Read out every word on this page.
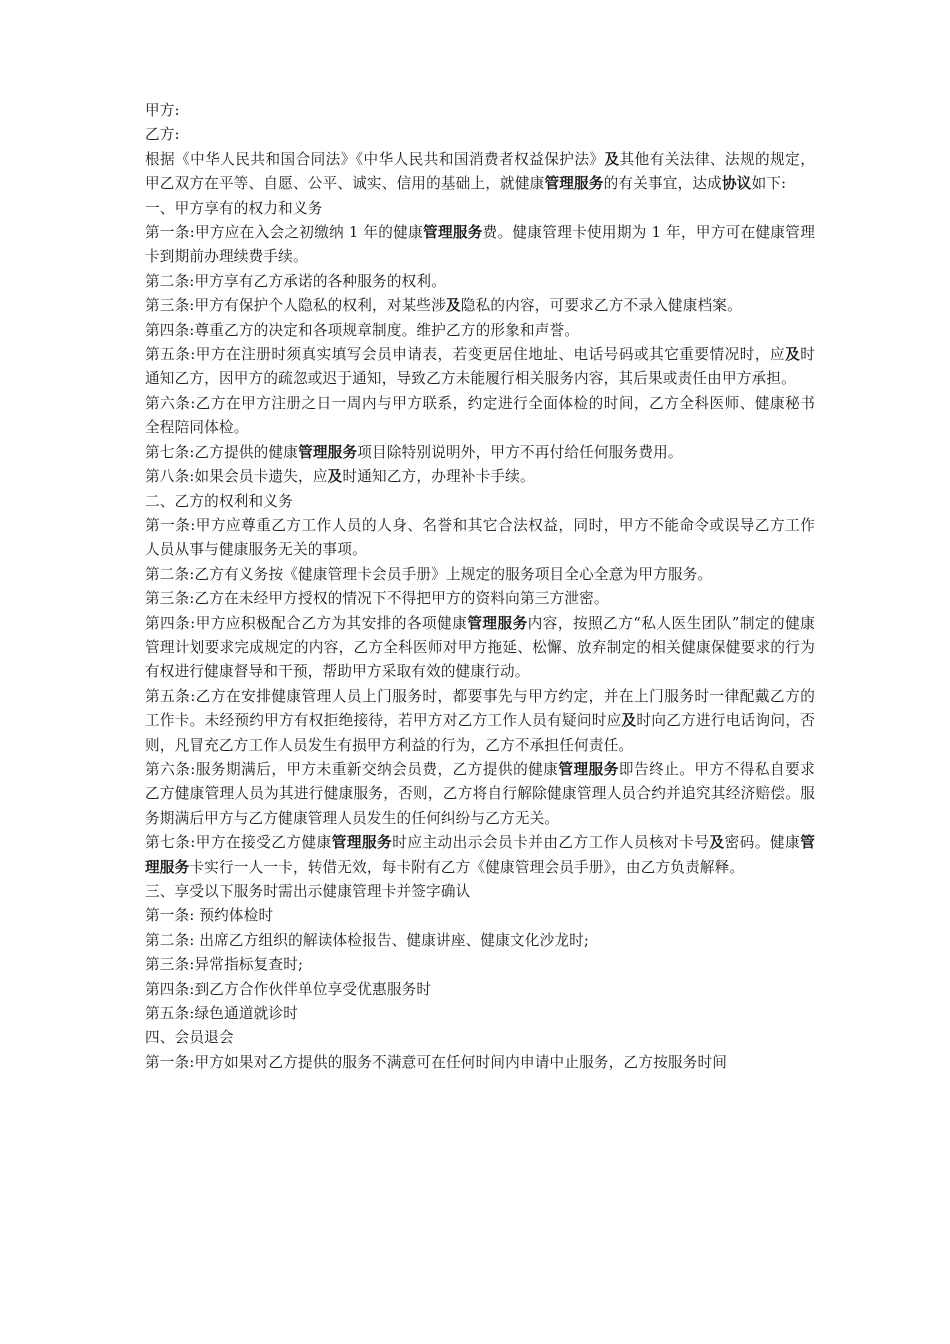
甲方:

乙方:

根据《中华人民共和国合同法》《中华人民共和国消费者权益保护法》及其他有关法律、法规的规定，甲乙双方在平等、自愿、公平、诚实、信用的基础上，就健康管理服务的有关事宜，达成协议如下:

一、甲方享有的权力和义务

第一条:甲方应在入会之初缴纳 1 年的健康管理服务费。健康管理卡使用期为 1 年，甲方可在健康管理卡到期前办理续费手续。

第二条:甲方享有乙方承诺的各种服务的权利。

第三条:甲方有保护个人隐私的权利，对某些涉及隐私的内容，可要求乙方不录入健康档案。

第四条:尊重乙方的决定和各项规章制度。维护乙方的形象和声誉。

第五条:甲方在注册时须真实填写会员申请表，若变更居住地址、电话号码或其它重要情况时，应及时通知乙方，因甲方的疏忽或迟于通知，导致乙方未能履行相关服务内容，其后果或责任由甲方承担。

第六条:乙方在甲方注册之日一周内与甲方联系，约定进行全面体检的时间，乙方全科医师、健康秘书全程陪同体检。

第七条:乙方提供的健康管理服务项目除特别说明外，甲方不再付给任何服务费用。

第八条:如果会员卡遗失，应及时通知乙方，办理补卡手续。

二、乙方的权利和义务

第一条:甲方应尊重乙方工作人员的人身、名誉和其它合法权益，同时，甲方不能命令或误导乙方工作人员从事与健康服务无关的事项。

第二条:乙方有义务按《健康管理卡会员手册》上规定的服务项目全心全意为甲方服务。

第三条:乙方在未经甲方授权的情况下不得把甲方的资料向第三方泄密。

第四条:甲方应积极配合乙方为其安排的各项健康管理服务内容，按照乙方“私人医生团队”制定的健康管理计划要求完成规定的内容，乙方全科医师对甲方拖延、松懈、放弃制定的相关健康保健要求的行为有权进行健康督导和干预，帮助甲方采取有效的健康行动。

第五条:乙方在安排健康管理人员上门服务时，都要事先与甲方约定，并在上门服务时一律配戴乙方的工作卡。未经预约甲方有权拒绝接待，若甲方对乙方工作人员有疑问时应及时向乙方进行电话询问，否则，凡冒充乙方工作人员发生有损甲方利益的行为，乙方不承担任何责任。

第六条:服务期满后，甲方未重新交纳会员费，乙方提供的健康管理服务即告终止。甲方不得私自要求乙方健康管理人员为其进行健康服务，否则，乙方将自行解除健康管理人员合约并追究其经济赔偿。服务期满后甲方与乙方健康管理人员发生的任何纠纷与乙方无关。

第七条:甲方在接受乙方健康管理服务时应主动出示会员卡并由乙方工作人员核对卡号及密码。健康管理服务卡实行一人一卡，转借无效，每卡附有乙方《健康管理会员手册》，由乙方负责解释。

三、享受以下服务时需出示健康管理卡并签字确认

第一条: 预约体检时

第二条: 出席乙方组织的解读体检报告、健康讲座、健康文化沙龙时;

第三条:异常指标复查时;

第四条:到乙方合作伙伴单位享受优惠服务时

第五条:绿色通道就诊时

四、会员退会

第一条:甲方如果对乙方提供的服务不满意可在任何时间内申请中止服务，乙方按服务时间
